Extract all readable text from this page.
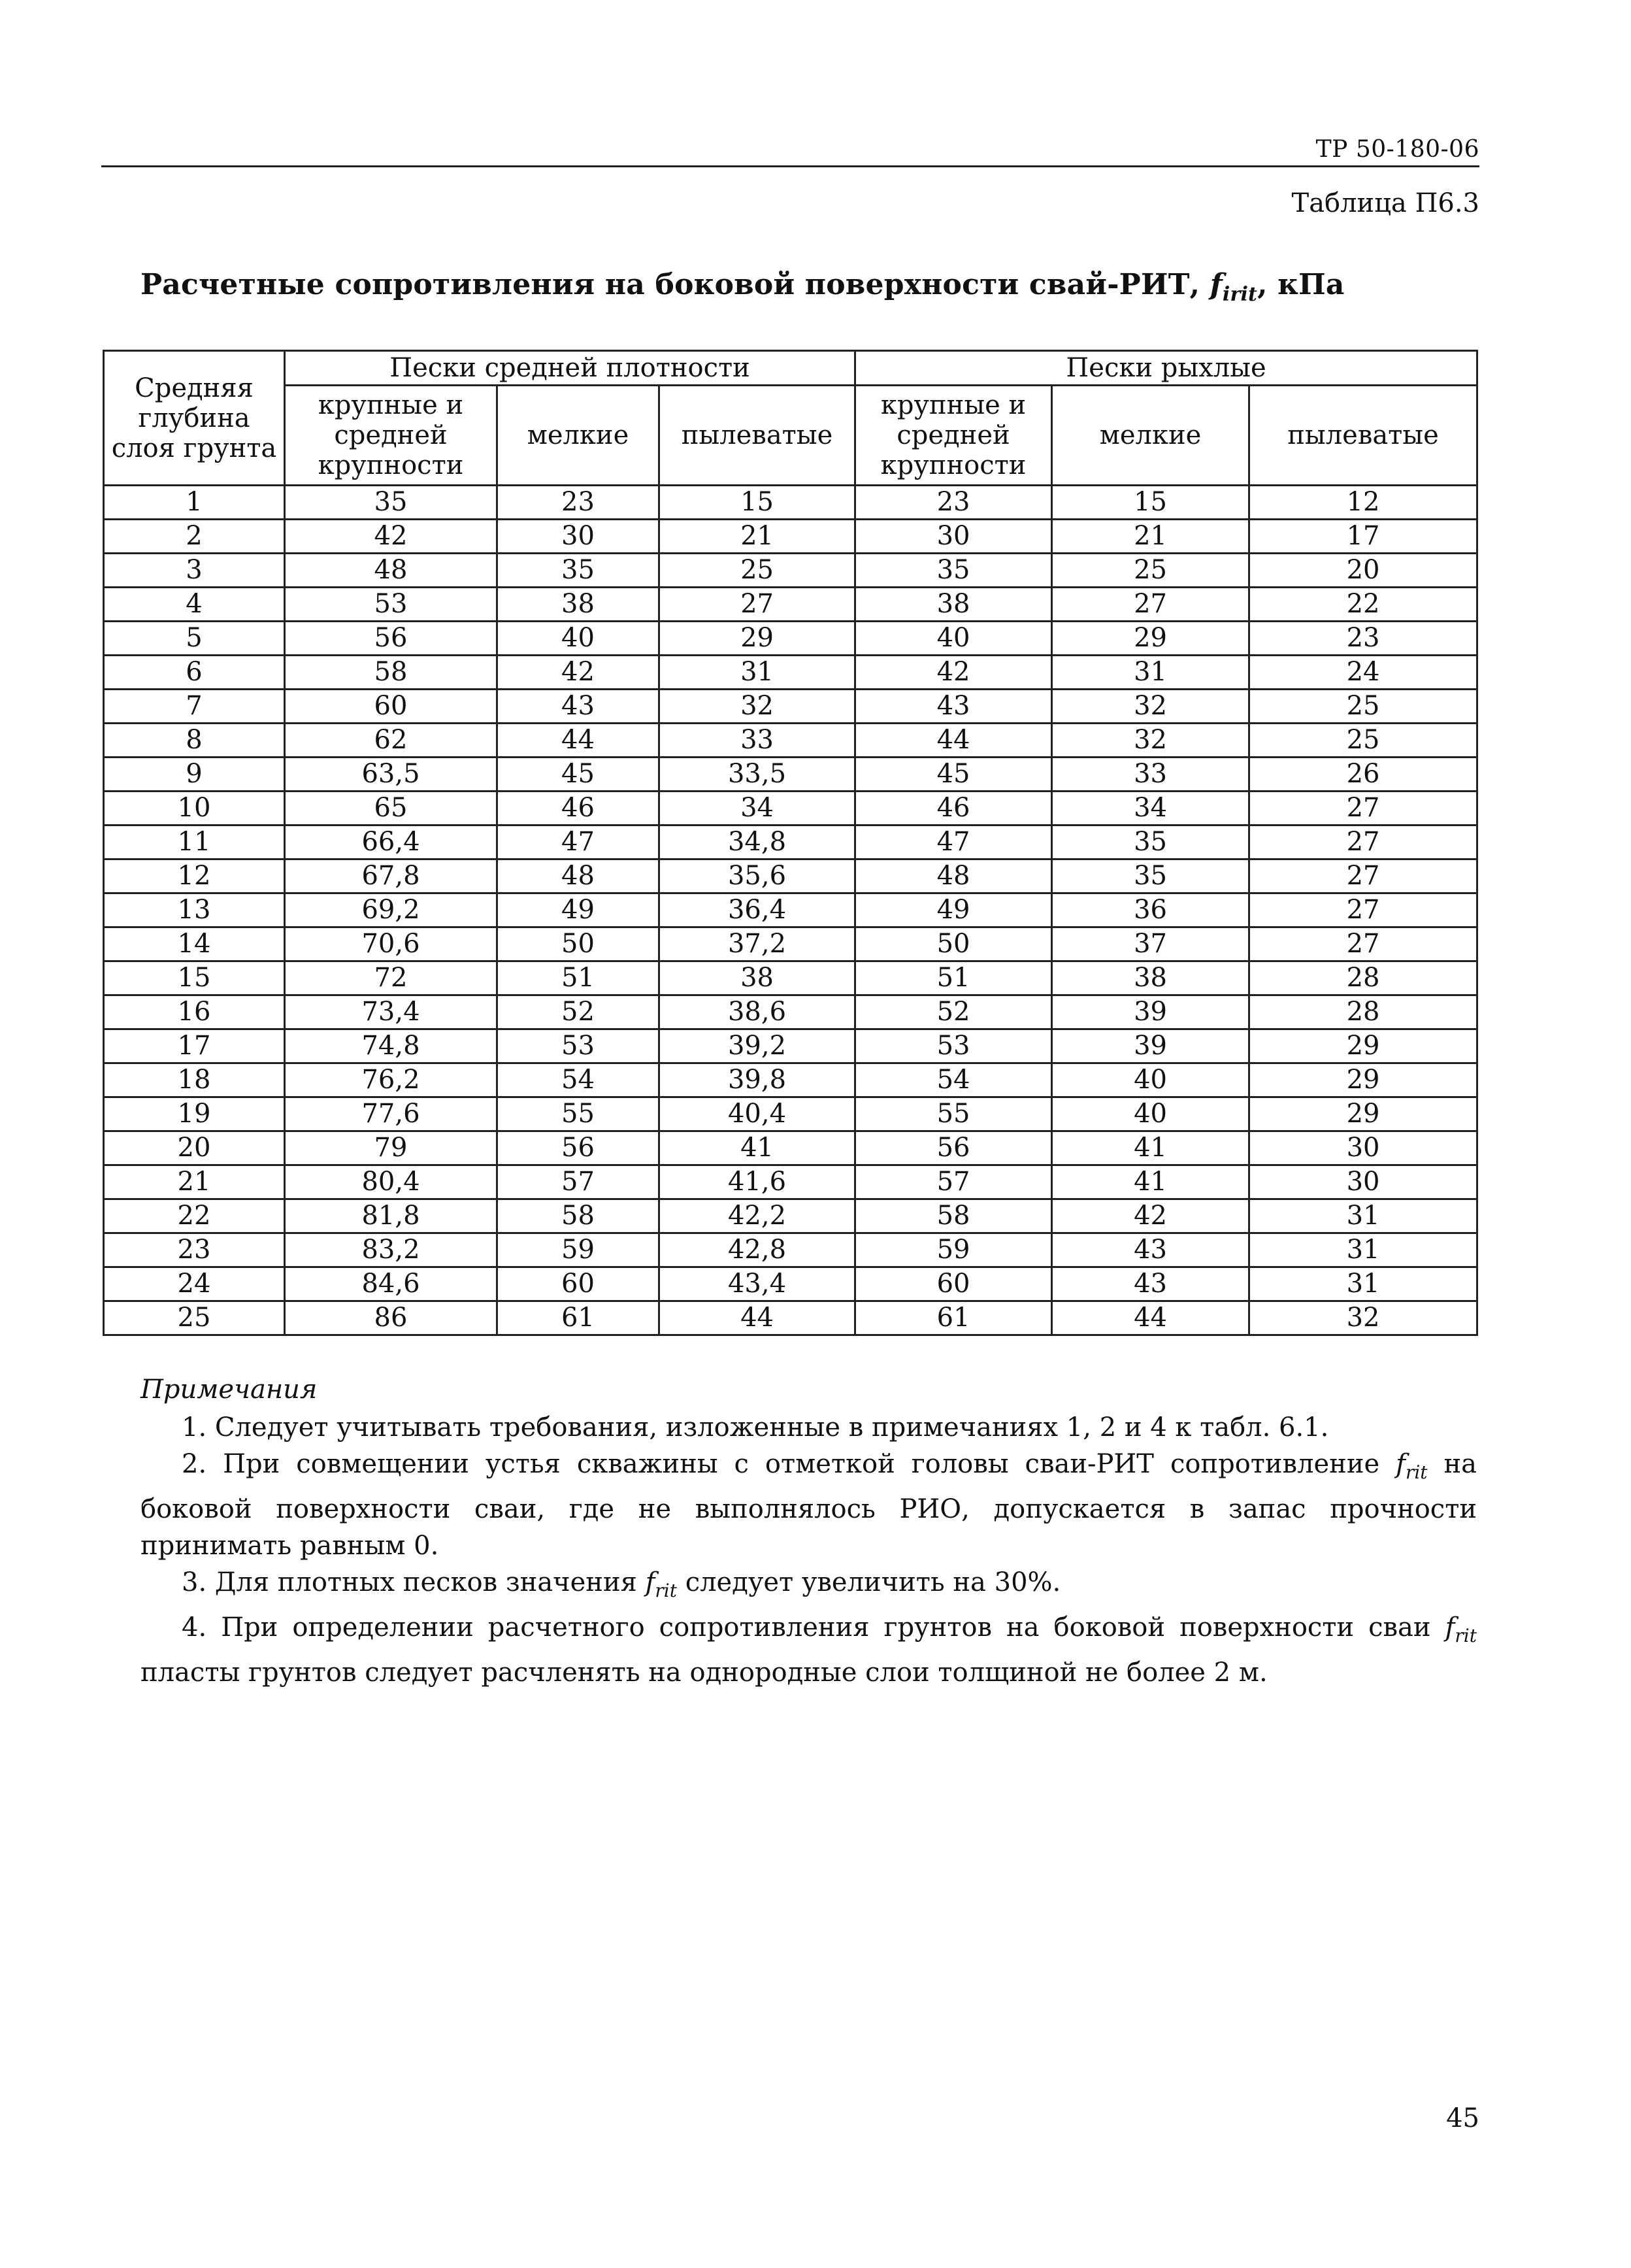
ТР 50-180-06
Таблица П6.3
Расчетные сопротивления на боковой поверхности свай-РИТ, $f_{irit}$, кПа
Средняя глубина слоя грунта	Пески средней плотности			Пески рыхлые		
	крупные и средней крупности	мелкие	пылеватые	крупные и средней крупности	мелкие	пылеватые
1	35	23	15	23	15	12
2	42	30	21	30	21	17
3	48	35	25	35	25	20
4	53	38	27	38	27	22
5	56	40	29	40	29	23
6	58	42	31	42	31	24
7	60	43	32	43	32	25
8	62	44	33	44	32	25
9	63,5	45	33,5	45	33	26
10	65	46	34	46	34	27
11	66,4	47	34,8	47	35	27
12	67,8	48	35,6	48	35	27
13	69,2	49	36,4	49	36	27
14	70,6	50	37,2	50	37	27
15	72	51	38	51	38	28
16	73,4	52	38,6	52	39	28
17	74,8	53	39,2	53	39	29
18	76,2	54	39,8	54	40	29
19	77,6	55	40,4	55	40	29
20	79	56	41	56	41	30
21	80,4	57	41,6	57	41	30
22	81,8	58	42,2	58	42	31
23	83,2	59	42,8	59	43	31
24	84,6	60	43,4	60	43	31
25	86	61	44	61	44	32
Примечания

1. Следует учитывать требования, изложенные в примечаниях 1, 2 и 4 к табл. 6.1.

2. При совмещении устья скважины с отметкой головы сваи-РИТ сопротивление $f_{rit}$ на боковой поверхности сваи, где не выполнялось РИО, допускается в запас прочности принимать равным 0.

3. Для плотных песков значения $f_{rit}$ следует увеличить на 30%.

4. При определении расчетного сопротивления грунтов на боковой поверхности сваи $f_{rit}$ пласты грунтов следует расчленять на однородные слои толщиной не более 2 м.

45
